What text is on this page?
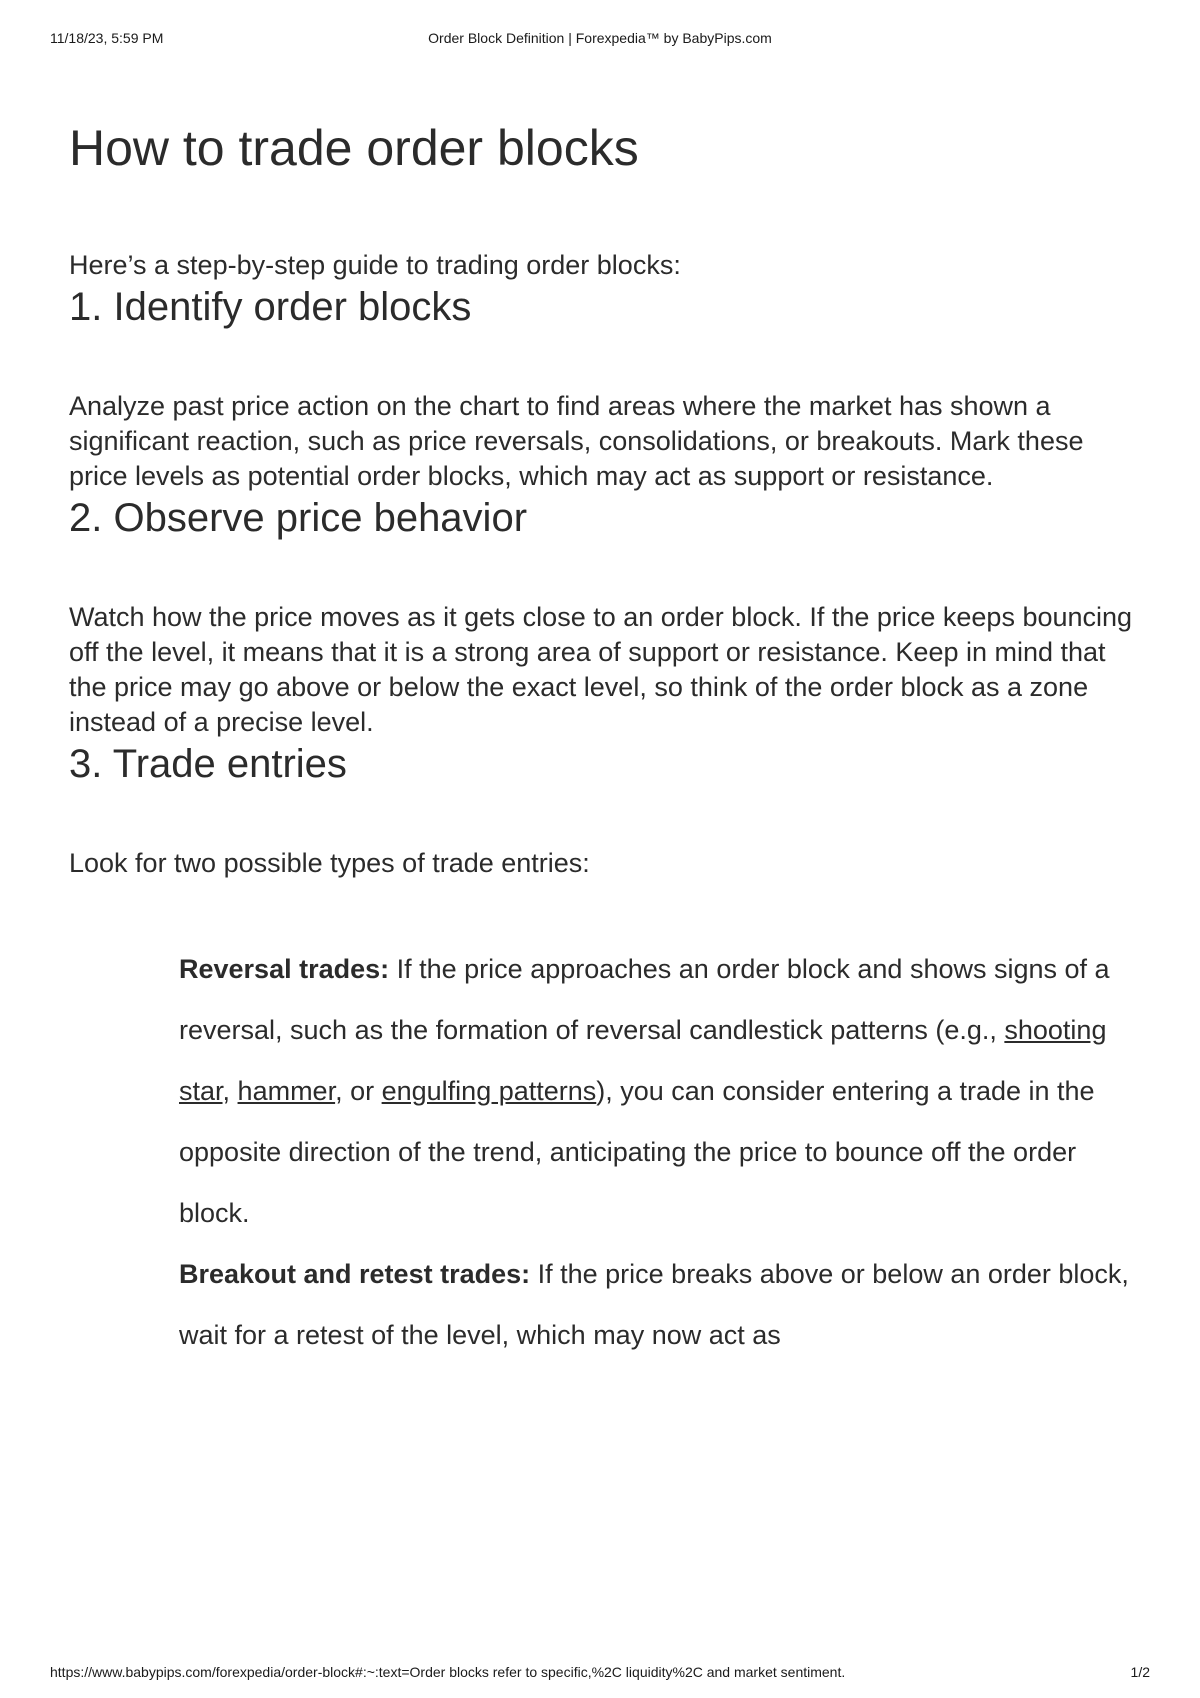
11/18/23, 5:59 PM	Order Block Definition | Forexpedia™ by BabyPips.com
How to trade order blocks

Here’s a step-by-step guide to trading order blocks:

1. Identify order blocks

Analyze past price action on the chart to find areas where the market has shown a significant reaction, such as price reversals, consolidations, or breakouts. Mark these price levels as potential order blocks, which may act as support or resistance.

2. Observe price behavior

Watch how the price moves as it gets close to an order block. If the price keeps bouncing off the level, it means that it is a strong area of support or resistance. Keep in mind that the price may go above or below the exact level, so think of the order block as a zone instead of a precise level.

3. Trade entries

Look for two possible types of trade entries:

Reversal trades: If the price approaches an order block and shows signs of a reversal, such as the formation of reversal candlestick patterns (e.g., shooting star, hammer, or engulfing patterns), you can consider entering a trade in the opposite direction of the trend, anticipating the price to bounce off the order block.
Breakout and retest trades: If the price breaks above or below an order block, wait for a retest of the level, which may now act as
https://www.babypips.com/forexpedia/order-block#:~:text=Order blocks refer to specific,%2C liquidity%2C and market sentiment.	1/2
